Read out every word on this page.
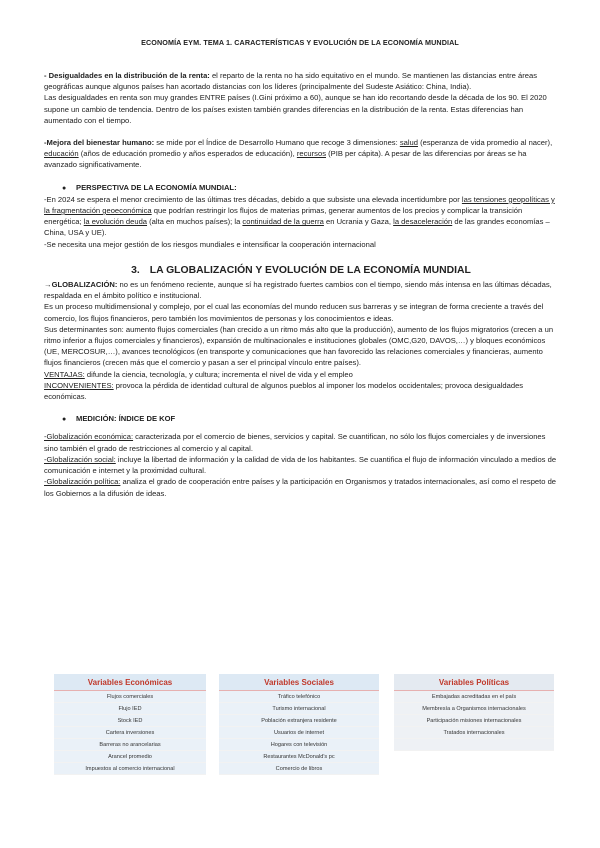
ECONOMÍA EYM. TEMA 1. CARACTERÍSTICAS Y EVOLUCIÓN DE LA ECONOMÍA MUNDIAL

- Desigualdades en la distribución de la renta: el reparto de la renta no ha sido equitativo en el mundo. Se mantienen las distancias entre áreas geográficas aunque algunos países han acortado distancias con los líderes (principalmente del Sudeste Asiático: China, India).

Las desigualdades en renta son muy grandes ENTRE países (I.Gini próximo a 60), aunque se han ido recortando desde la década de los 90. El 2020 supone un cambio de tendencia. Dentro de los países existen también grandes diferencias en la distribución de la renta. Estas diferencias han aumentado con el tiempo.

-Mejora del bienestar humano: se mide por el Índice de Desarrollo Humano que recoge 3 dimensiones: salud (esperanza de vida promedio al nacer), educación (años de educación promedio y años esperados de educación), recursos (PIB per cápita). A pesar de las diferencias por áreas se ha avanzado significativamente.

●	PERSPECTIVA DE LA ECONOMÍA MUNDIAL:

-En 2024 se espera el menor crecimiento de las últimas tres décadas, debido a que subsiste una elevada incertidumbre por las tensiones geopolíticas y la fragmentación geoeconómica que podrían restringir los flujos de materias primas, generar aumentos de los precios y complicar la transición energética; la evolución deuda (alta en muchos países); la continuidad de la guerra en Ucrania y Gaza, la desaceleración de las grandes economías –China, USA y UE).

-Se necesita una mejor gestión de los riesgos mundiales e intensificar la cooperación internacional

3. LA GLOBALIZACIÓN Y EVOLUCIÓN DE LA ECONOMÍA MUNDIAL

→GLOBALIZACIÓN: no es un fenómeno reciente, aunque sí ha registrado fuertes cambios con el tiempo, siendo más intensa en las últimas décadas, respaldada en el ámbito político e institucional.

Es un proceso multidimensional y complejo, por el cual las economías del mundo reducen sus barreras y se integran de forma creciente a través del comercio, los flujos financieros, pero también los movimientos de personas y los conocimientos e ideas.

Sus determinantes son: aumento flujos comerciales (han crecido a un ritmo más alto que la producción), aumento de los flujos migratorios (crecen a un ritmo inferior a flujos comerciales y financieros), expansión de multinacionales e instituciones globales (OMC,G20, DAVOS,…) y bloques económicos (UE, MERCOSUR,…), avances tecnológicos (en transporte y comunicaciones que han favorecido las relaciones comerciales y financieras, aumento flujos financieros (crecen más que el comercio y pasan a ser el principal vínculo entre países).

VENTAJAS: difunde la ciencia, tecnología, y cultura; incrementa el nivel de vida y el empleo

INCONVENIENTES: provoca la pérdida de identidad cultural de algunos pueblos al imponer los modelos occidentales; provoca desigualdades económicas.

●	MEDICIÓN: ÍNDICE DE KOF

-Globalización económica: caracterizada por el comercio de bienes, servicios y capital. Se cuantifican, no sólo los flujos comerciales y de inversiones sino también el grado de restricciones al comercio y al capital.

-Globalización social: incluye la libertad de información y la calidad de vida de los habitantes. Se cuantifica el flujo de información vinculado a medios de comunicación e internet y la proximidad cultural.

-Globalización política: analiza el grado de cooperación entre países y la participación en Organismos y tratados internacionales, así como el respeto de los Gobiernos a la difusión de ideas.

Variables Económicas
Flujos comerciales
Flujo IED
Stock IED
Cartera inversiones
Barreras no arancelarias
Arancel promedio
Impuestos al comercio internacional
Variables Sociales
Tráfico telefónico
Turismo internacional
Población extranjera residente
Usuarios de internet
Hogares con televisión
Restaurantes McDonald's pc
Comercio de libros
Variables Políticas
Embajadas acreditadas en el país
Membresía a Organismos internacionales
Participación misiones internacionales
Tratados internacionales
